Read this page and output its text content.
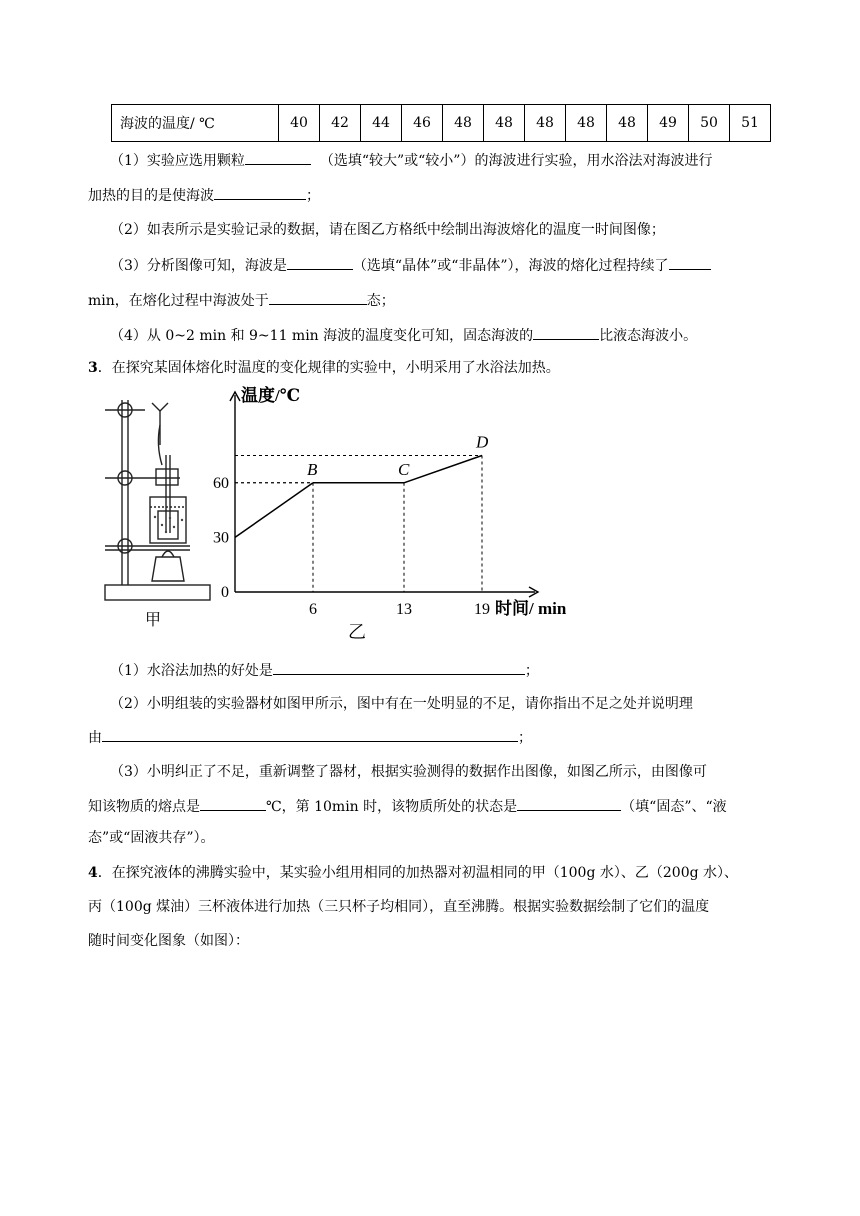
海波的温度/ ℃	40	42	44	46	48	48	48	48	48	49	50	51
（1）实验应选用颗粒	（选填“较大”或“较小”）的海波进行实验，用水浴法对海波进行
加热的目的是使海波	；
（2）如表所示是实验记录的数据，请在图乙方格纸中绘制出海波熔化的温度一时间图像；
（3）分析图像可知，海波是	（选填“晶体”或“非晶体”），海波的熔化过程持续了
min，在熔化过程中海波处于	态；
（4）从 0~2 min 和 9~11 min 海波的温度变化可知，固态海波的	比液态海波小。
3．在探究某固体熔化时温度的变化规律的实验中，小明采用了水浴法加热。
甲
B	C
D
6	13	19
0
30
60
温度/℃
时间/ min
乙
（1）水浴法加热的好处是	；
（2）小明组装的实验器材如图甲所示，图中有在一处明显的不足，请你指出不足之处并说明理
由	；
（3）小明纠正了不足，重新调整了器材，根据实验测得的数据作出图像，如图乙所示，由图像可
知该物质的熔点是	℃，第 10min 时，该物质所处的状态是	（填“固态”、“液
态”或“固液共存”）。
4．在探究液体的沸腾实验中，某实验小组用相同的加热器对初温相同的甲（100g 水）、乙（200g 水）、
丙（100g 煤油）三杯液体进行加热（三只杯子均相同），直至沸腾。根据实验数据绘制了它们的温度
随时间变化图象（如图）：
